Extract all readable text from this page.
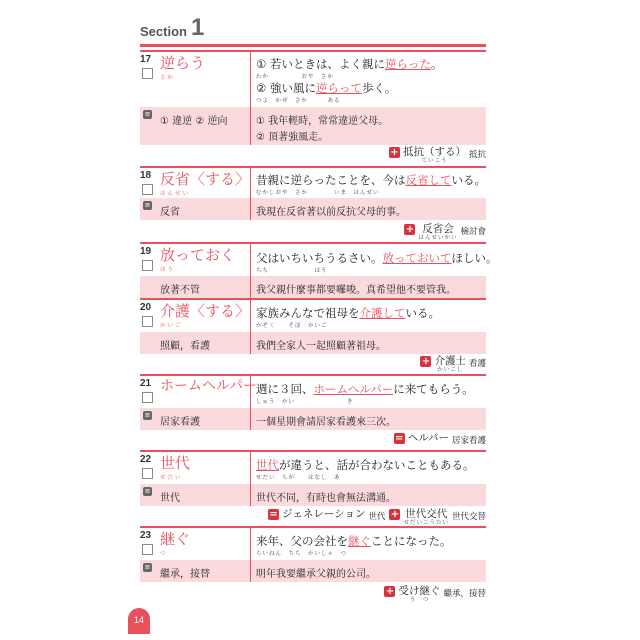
Section 1
17 逆らう
さか
① 若いときは、よく親に逆らった。
わか　　　　　おや　さか
② 強い風に逆らって歩く。
つよ　かぜ　さか　　　ある
≡
① 違逆 ② 逆向	① 我年輕時，常常違逆父母。
② 頂著強風走。
+ 抵抗（する）
ていこう
抵抗
18 反省〈する〉
はんせい
昔親に逆らったことを、今は反省している。
むかしおや　さか　　　　いま　はんせい
≡
反省	我現在反省著以前反抗父母的事。
+ 反省会
はんせいかい
檢討會
19 放っておく
ほう
父はいちいちうるさい。放っておいてほしい。
ちち　　　　　　　ほう
放著不管	我父親什麼事都要囉唆。真希望他不要管我。
20 介護〈する〉
かいご
家族みんなで祖母を介護している。
かぞく　　そぼ　かいご
照顧，看護	我們全家人一起照顧著祖母。
+ 介護士
かいごし
看護
21 ホームヘルパー
週に３回、ホームヘルパーに来てもらう。
しゅう　かい　　　　　　　　き
≡
居家看護	一個星期會請居家看護來三次。
= ヘルパー 居家看護
22 世代
せだい
世代が違うと、話が合わないこともある。
せだい　ちが　　はなし　あ
≡
世代	世代不同，有時也會無法溝通。
= ジェネレーション 世代 + 世代交代
せだいこうたい
世代交替
23 継ぐ
つ
来年、父の会社を継ぐことになった。
らいねん　ちち　かいしゃ　つ
≡
繼承，接替	明年我要繼承父親的公司。
+ 受け継ぐ
う　つ
繼承，接替
14
